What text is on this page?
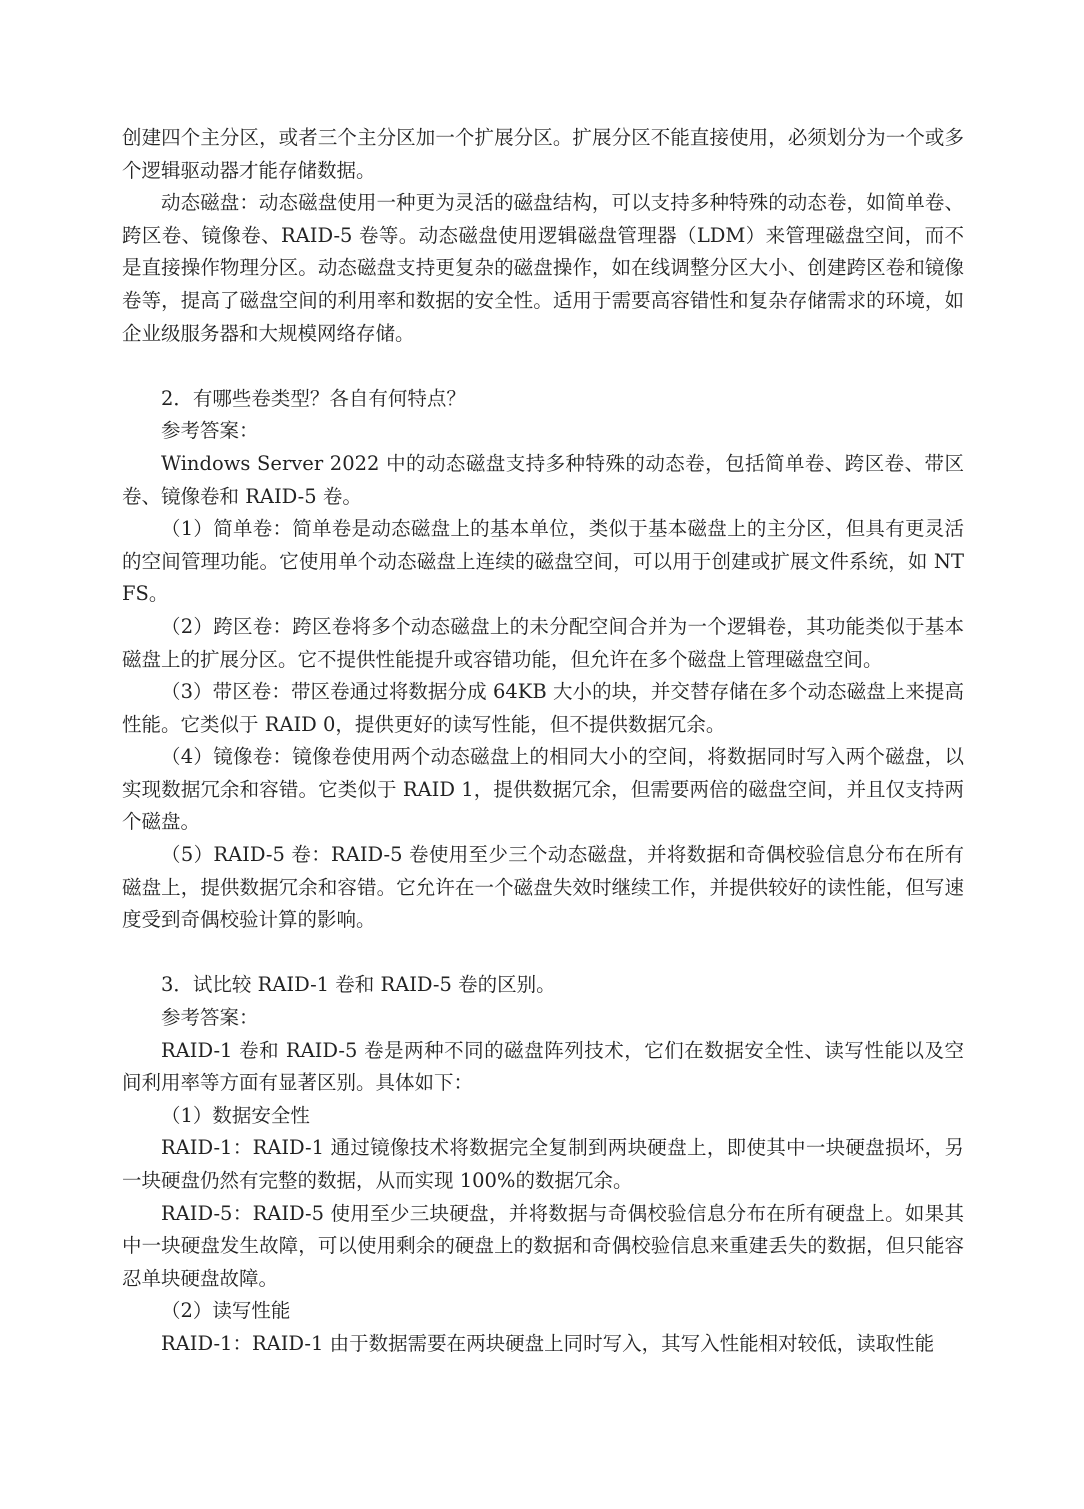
创建四个主分区，或者三个主分区加一个扩展分区。扩展分区不能直接使用，必须划分为一个或多个逻辑驱动器才能存储数据。

动态磁盘：动态磁盘使用一种更为灵活的磁盘结构，可以支持多种特殊的动态卷，如简单卷、跨区卷、镜像卷、RAID-5 卷等。动态磁盘使用逻辑磁盘管理器（LDM）来管理磁盘空间，而不是直接操作物理分区。动态磁盘支持更复杂的磁盘操作，如在线调整分区大小、创建跨区卷和镜像卷等，提高了磁盘空间的利用率和数据的安全性。适用于需要高容错性和复杂存储需求的环境，如企业级服务器和大规模网络存储。

2．有哪些卷类型？各自有何特点？

参考答案：

Windows Server 2022 中的动态磁盘支持多种特殊的动态卷，包括简单卷、跨区卷、带区卷、镜像卷和 RAID-5 卷。

（1）简单卷：简单卷是动态磁盘上的基本单位，类似于基本磁盘上的主分区，但具有更灵活的空间管理功能。它使用单个动态磁盘上连续的磁盘空间，可以用于创建或扩展文件系统，如 NTFS。

（2）跨区卷：跨区卷将多个动态磁盘上的未分配空间合并为一个逻辑卷，其功能类似于基本磁盘上的扩展分区。它不提供性能提升或容错功能，但允许在多个磁盘上管理磁盘空间。

（3）带区卷：带区卷通过将数据分成 64KB 大小的块，并交替存储在多个动态磁盘上来提高性能。它类似于 RAID 0，提供更好的读写性能，但不提供数据冗余。

（4）镜像卷：镜像卷使用两个动态磁盘上的相同大小的空间，将数据同时写入两个磁盘，以实现数据冗余和容错。它类似于 RAID 1，提供数据冗余，但需要两倍的磁盘空间，并且仅支持两个磁盘。

（5）RAID-5 卷：RAID-5 卷使用至少三个动态磁盘，并将数据和奇偶校验信息分布在所有磁盘上，提供数据冗余和容错。它允许在一个磁盘失效时继续工作，并提供较好的读性能，但写速度受到奇偶校验计算的影响。

3．试比较 RAID-1 卷和 RAID-5 卷的区别。

参考答案：

RAID-1 卷和 RAID-5 卷是两种不同的磁盘阵列技术，它们在数据安全性、读写性能以及空间利用率等方面有显著区别。具体如下：

（1）数据安全性

RAID-1：RAID-1 通过镜像技术将数据完全复制到两块硬盘上，即使其中一块硬盘损坏，另一块硬盘仍然有完整的数据，从而实现 100%的数据冗余。

RAID-5：RAID-5 使用至少三块硬盘，并将数据与奇偶校验信息分布在所有硬盘上。如果其中一块硬盘发生故障，可以使用剩余的硬盘上的数据和奇偶校验信息来重建丢失的数据，但只能容忍单块硬盘故障。

（2）读写性能

RAID-1：RAID-1 由于数据需要在两块硬盘上同时写入，其写入性能相对较低，读取性能
